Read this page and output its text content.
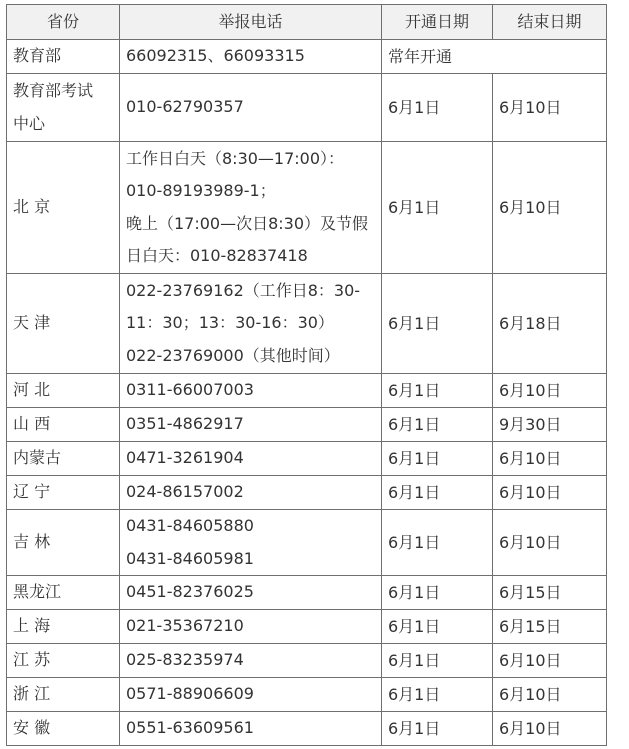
省份	举报电话	开通日期	结束日期

教育部	66092315、66093315	常年开通	

教育部考试
中心	010-62790357	6月1日	6月10日

北 京	工作日白天（8:30—17:00）：
010-89193989-1；
晚上（17:00—次日8:30）及节假
日白天：010-82837418	6月1日	6月10日

天 津	022-23769162（工作日8：30-
11：30；13：30-16：30）
022-23769000（其他时间）	6月1日	6月18日

河 北	0311-66007003	6月1日	6月10日

山 西	0351-4862917	6月1日	9月30日

内蒙古	0471-3261904	6月1日	6月10日

辽 宁	024-86157002	6月1日	6月10日

吉 林	0431-84605880
0431-84605981	6月1日	6月10日

黑龙江	0451-82376025	6月1日	6月15日

上 海	021-35367210	6月1日	6月15日

江 苏	025-83235974	6月1日	6月10日

浙 江	0571-88906609	6月1日	6月10日

安 徽	0551-63609561	6月1日	6月10日
